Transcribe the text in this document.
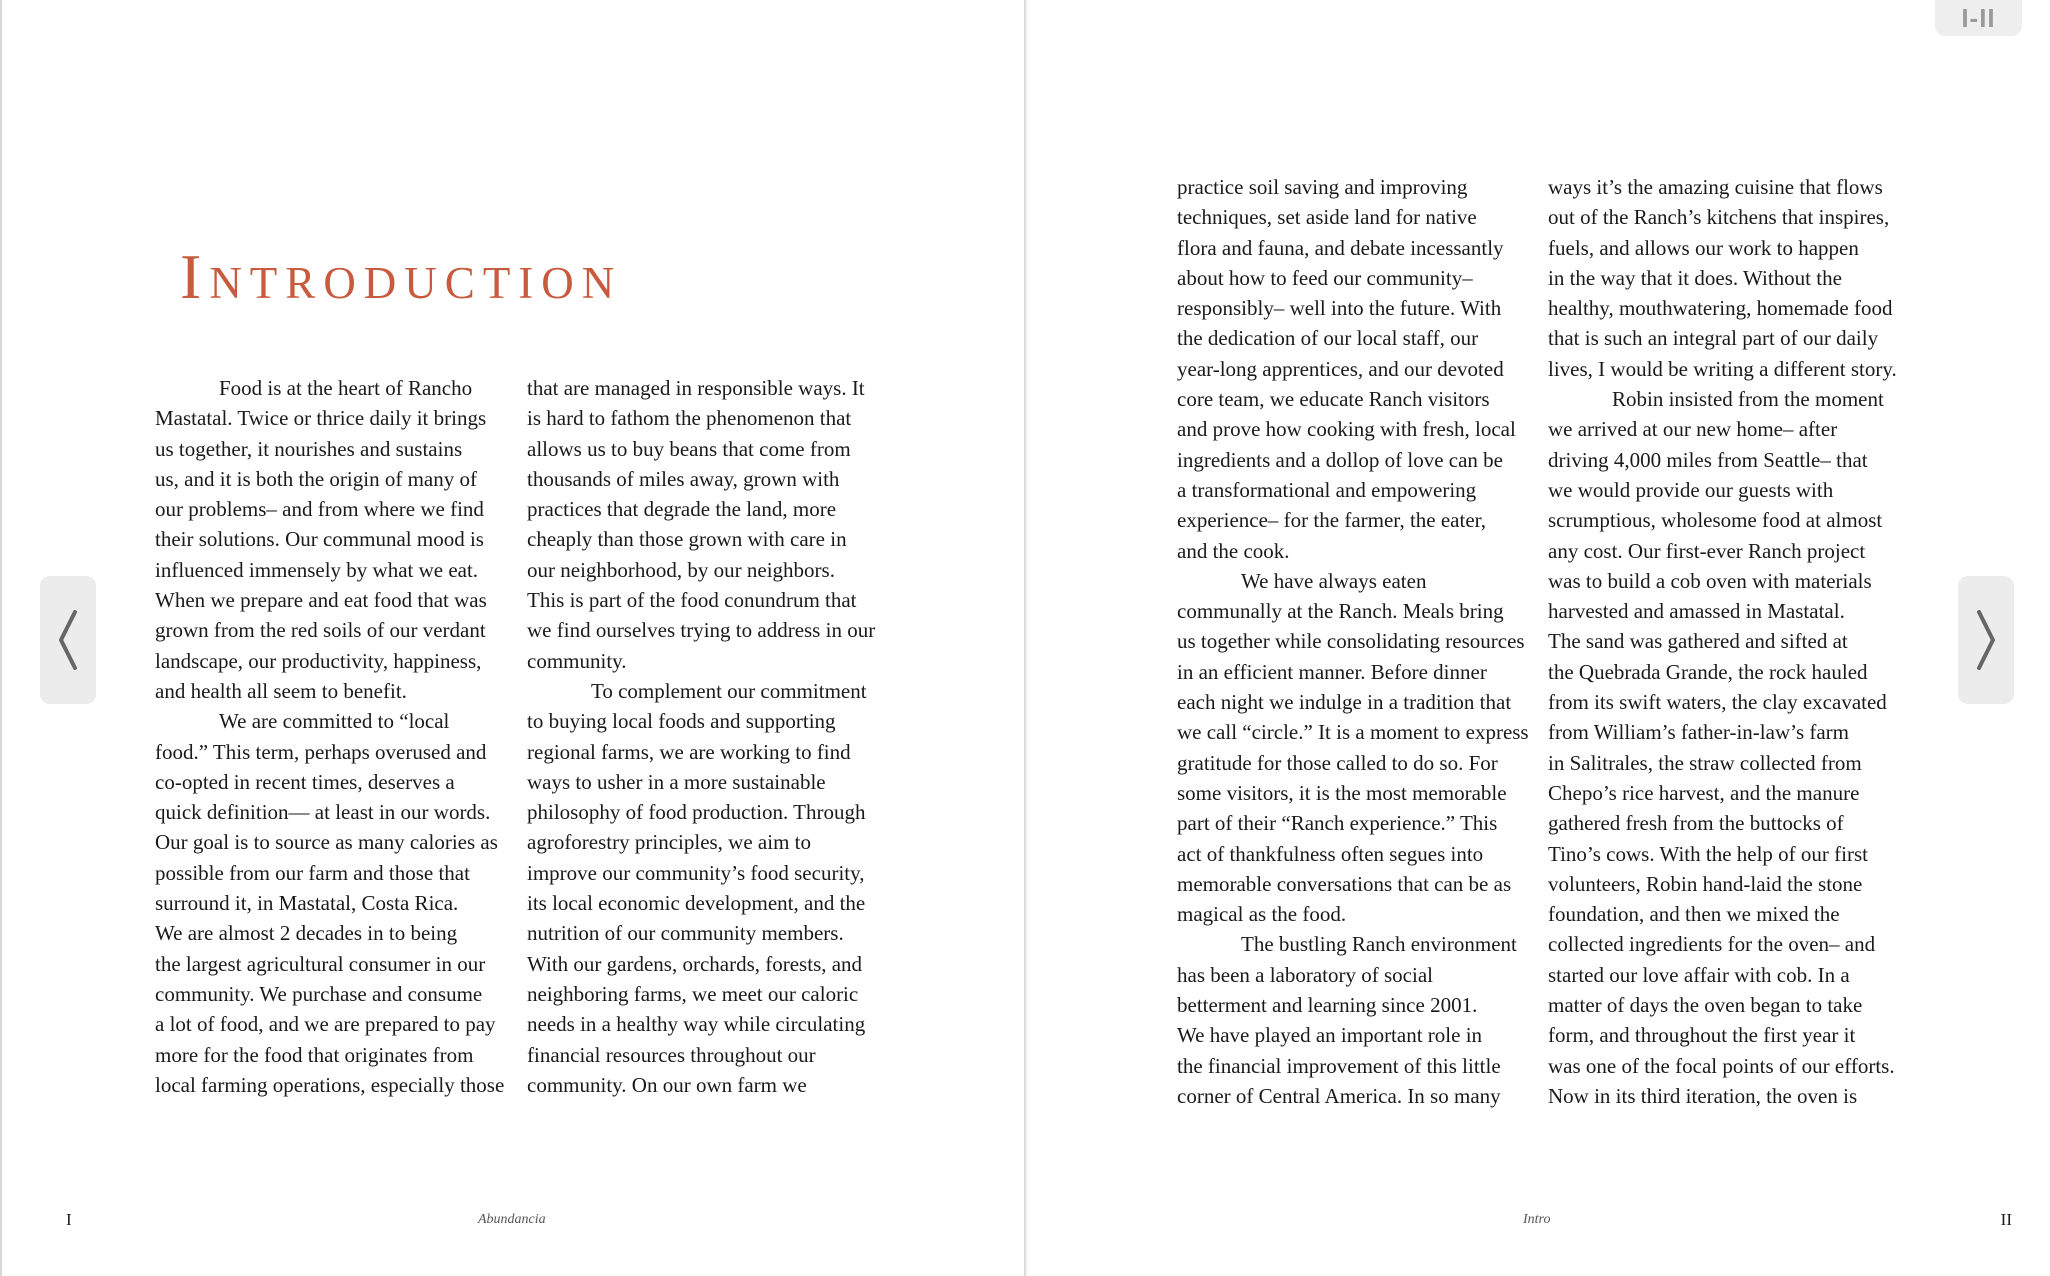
Introduction
Food is at the heart of Rancho
Mastatal. Twice or thrice daily it brings
us together, it nourishes and sustains
us, and it is both the origin of many of
our problems– and from where we find
their solutions. Our communal mood is
influenced immensely by what we eat.
When we prepare and eat food that was
grown from the red soils of our verdant
landscape, our productivity, happiness,
and health all seem to benefit.
We are committed to “local
food.” This term, perhaps overused and
co-opted in recent times, deserves a
quick definition— at least in our words.
Our goal is to source as many calories as
possible from our farm and those that
surround it, in Mastatal, Costa Rica.
We are almost 2 decades in to being
the largest agricultural consumer in our
community. We purchase and consume
a lot of food, and we are prepared to pay
more for the food that originates from
local farming operations, especially those
that are managed in responsible ways. It
is hard to fathom the phenomenon that
allows us to buy beans that come from
thousands of miles away, grown with
practices that degrade the land, more
cheaply than those grown with care in
our neighborhood, by our neighbors.
This is part of the food conundrum that
we find ourselves trying to address in our
community.
To complement our commitment
to buying local foods and supporting
regional farms, we are working to find
ways to usher in a more sustainable
philosophy of food production. Through
agroforestry principles, we aim to
improve our community’s food security,
its local economic development, and the
nutrition of our community members.
With our gardens, orchards, forests, and
neighboring farms, we meet our caloric
needs in a healthy way while circulating
financial resources throughout our
community. On our own farm we
I	Abundancia
practice soil saving and improving
techniques, set aside land for native
flora and fauna, and debate incessantly
about how to feed our community–
responsibly– well into the future. With
the dedication of our local staff, our
year-long apprentices, and our devoted
core team, we educate Ranch visitors
and prove how cooking with fresh, local
ingredients and a dollop of love can be
a transformational and empowering
experience– for the farmer, the eater,
and the cook.
We have always eaten
communally at the Ranch. Meals bring
us together while consolidating resources
in an efficient manner. Before dinner
each night we indulge in a tradition that
we call “circle.” It is a moment to express
gratitude for those called to do so. For
some visitors, it is the most memorable
part of their “Ranch experience.” This
act of thankfulness often segues into
memorable conversations that can be as
magical as the food.
The bustling Ranch environment
has been a laboratory of social
betterment and learning since 2001.
We have played an important role in
the financial improvement of this little
corner of Central America. In so many
ways it’s the amazing cuisine that flows
out of the Ranch’s kitchens that inspires,
fuels, and allows our work to happen
in the way that it does. Without the
healthy, mouthwatering, homemade food
that is such an integral part of our daily
lives, I would be writing a different story.
Robin insisted from the moment
we arrived at our new home– after
driving 4,000 miles from Seattle– that
we would provide our guests with
scrumptious, wholesome food at almost
any cost. Our first-ever Ranch project
was to build a cob oven with materials
harvested and amassed in Mastatal.
The sand was gathered and sifted at
the Quebrada Grande, the rock hauled
from its swift waters, the clay excavated
from William’s father-in-law’s farm
in Salitrales, the straw collected from
Chepo’s rice harvest, and the manure
gathered fresh from the buttocks of
Tino’s cows. With the help of our first
volunteers, Robin hand-laid the stone
foundation, and then we mixed the
collected ingredients for the oven– and
started our love affair with cob. In a
matter of days the oven began to take
form, and throughout the first year it
was one of the focal points of our efforts.
Now in its third iteration, the oven is
Intro	II
I-II
